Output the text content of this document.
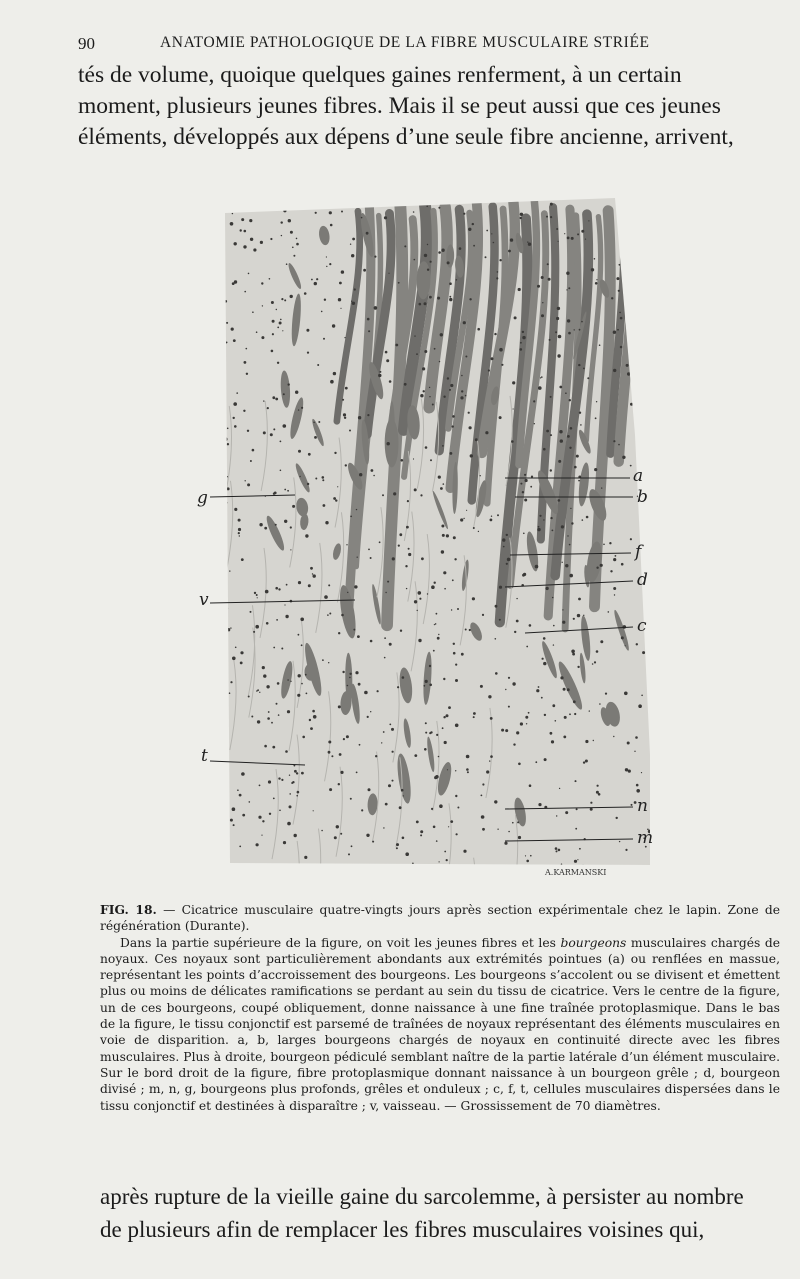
90	ANATOMIE PATHOLOGIQUE DE LA FIBRE MUSCULAIRE STRIÉE

tés de volume, quoique quelques gaines renferment, à un certain

moment, plusieurs jeunes fibres. Mais il se peut aussi que ces jeunes

éléments, développés aux dépens d’une seule fibre ancienne, arrivent,

a
b
f
d
c
g
v
t
n
m
A.KARMANSKI

FIG. 18. — Cicatrice musculaire quatre-vingts jours après section expérimentale chez le lapin. Zone de régénération (Durante).

Dans la partie supérieure de la figure, on voit les jeunes fibres et les bourgeons musculaires chargés de noyaux. Ces noyaux sont particulièrement abondants aux extrémités pointues (a) ou renflées en massue, représentant les points d’accroissement des bourgeons. Les bourgeons s’accolent ou se divisent et émettent plus ou moins de délicates ramifications se perdant au sein du tissu de cicatrice. Vers le centre de la figure, un de ces bourgeons, coupé obliquement, donne naissance à une fine traînée protoplasmique. Dans le bas de la figure, le tissu conjonctif est parsemé de traînées de noyaux représentant des éléments musculaires en voie de disparition. a, b, larges bourgeons chargés de noyaux en continuité directe avec les fibres musculaires. Plus à droite, bourgeon pédiculé semblant naître de la partie latérale d’un élément musculaire. Sur le bord droit de la figure, fibre protoplasmique donnant naissance à un bourgeon grêle ; d, bourgeon divisé ; m, n, g, bourgeons plus profonds, grêles et onduleux ; c, f, t, cellules musculaires dispersées dans le tissu conjonctif et destinées à disparaître ; v, vaisseau. — Grossissement de 70 diamètres.

après rupture de la vieille gaine du sarcolemme, à persister au nombre

de plusieurs afin de remplacer les fibres musculaires voisines qui,
